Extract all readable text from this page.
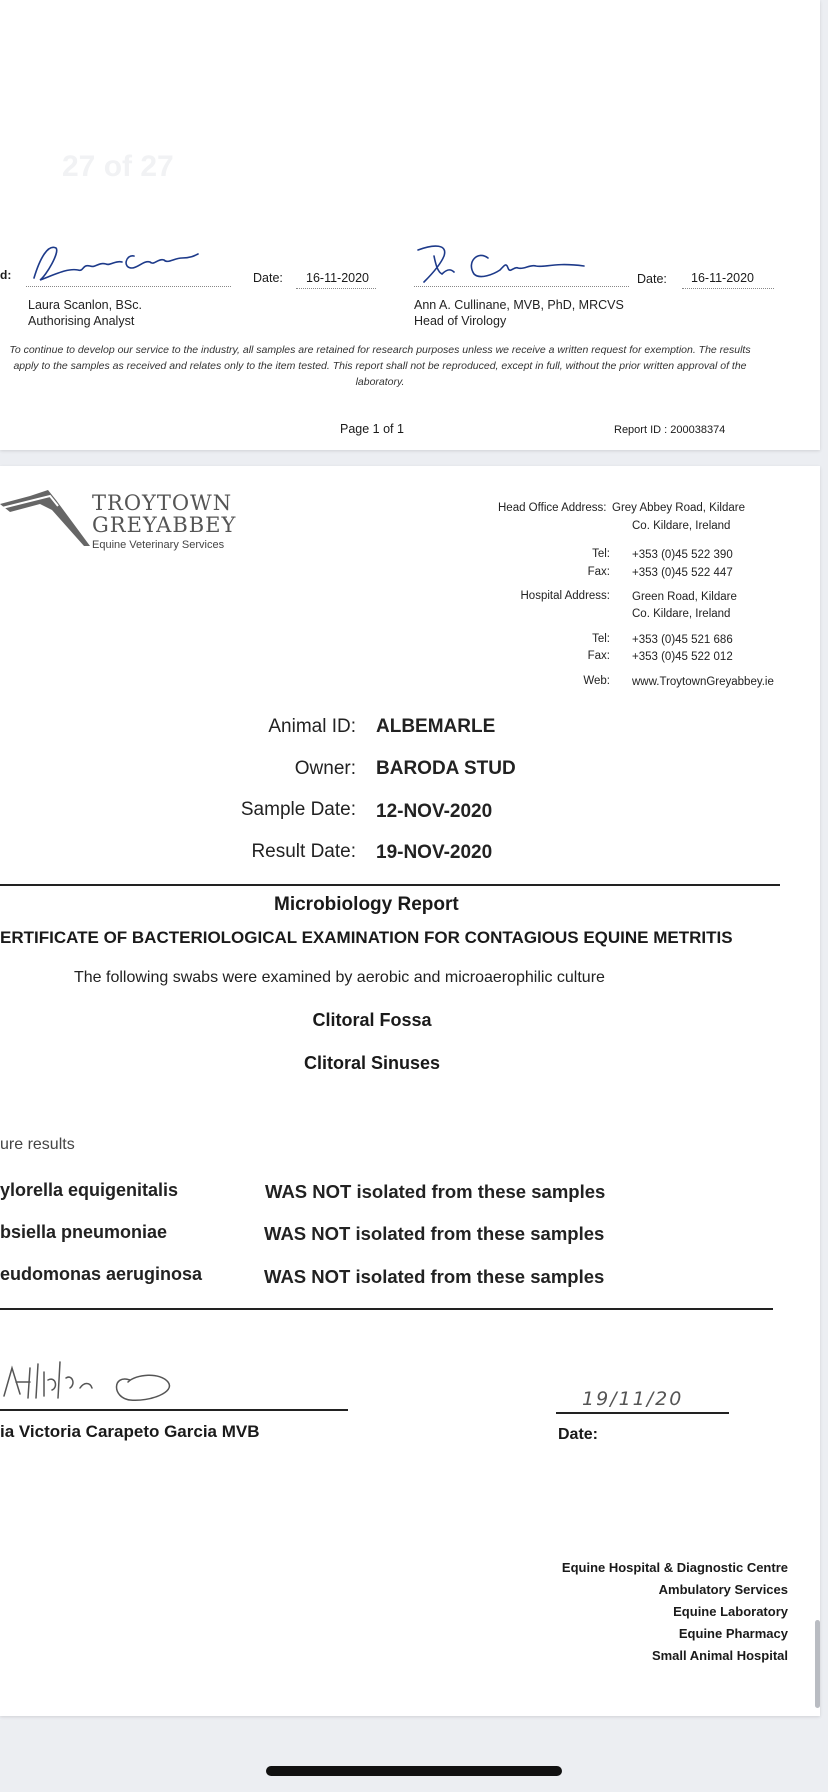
27 of 27
d:
Laura Scanlon, BSc.
Authorising Analyst
Date: 16-11-2020
Ann A. Cullinane, MVB, PhD, MRCVS
Head of Virology
Date: 16-11-2020
To continue to develop our service to the industry, all samples are retained for research purposes unless we receive a written request for exemption. The results apply to the samples as received and relates only to the item tested. This report shall not be reproduced, except in full, without the prior written approval of the laboratory.
Page 1 of 1	Report ID : 200038374
TROYTOWN
GREYABBEY
Equine Veterinary Services
Head Office Address: Grey Abbey Road, Kildare
Co. Kildare, Ireland
Tel: +353 (0)45 522 390
Fax: +353 (0)45 522 447
Hospital Address: Green Road, Kildare
Co. Kildare, Ireland
Tel: +353 (0)45 521 686
Fax: +353 (0)45 522 012
Web: www.TroytownGreyabbey.ie
Animal ID: ALBEMARLE
Owner: BARODA STUD
Sample Date: 12-NOV-2020
Result Date: 19-NOV-2020
Microbiology Report
ERTIFICATE OF BACTERIOLOGICAL EXAMINATION FOR CONTAGIOUS EQUINE METRITIS
The following swabs were examined by aerobic and microaerophilic culture
Clitoral Fossa
Clitoral Sinuses
ure results
ylorella equigenitalis	WAS NOT isolated from these samples
bsiella pneumoniae	WAS NOT isolated from these samples
eudomonas aeruginosa	WAS NOT isolated from these samples
ia Victoria Carapeto Garcia MVB
19/11/20
Date:
Equine Hospital & Diagnostic Centre
Ambulatory Services
Equine Laboratory
Equine Pharmacy
Small Animal Hospital
